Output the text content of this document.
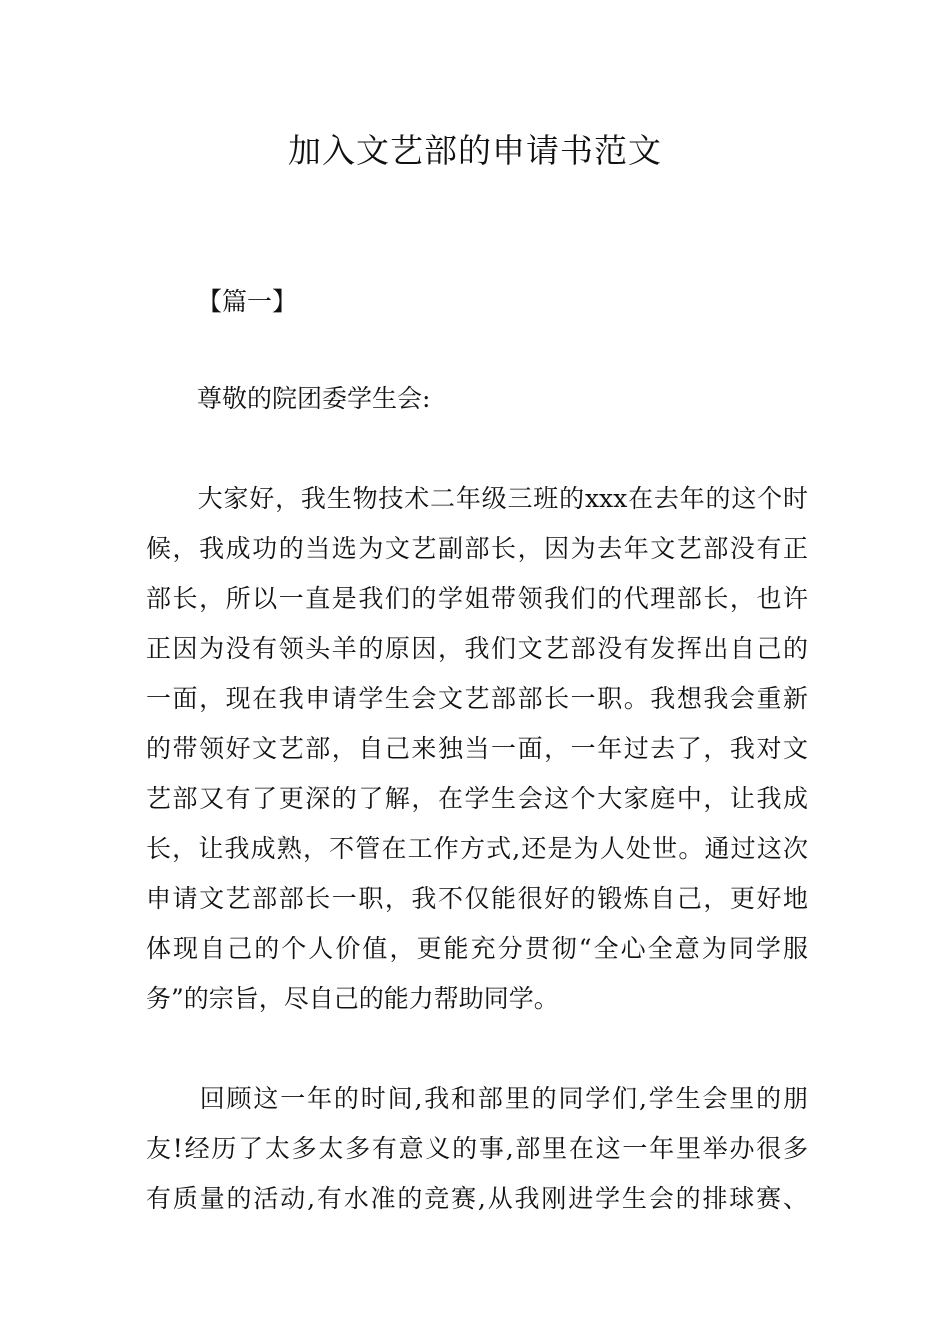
加入文艺部的申请书范文

【篇一】

尊敬的院团委学生会:

　　大家好，我生物技术二年级三班的xxx在去年的这个时
候，我成功的当选为文艺副部长，因为去年文艺部没有正
部长，所以一直是我们的学姐带领我们的代理部长，也许
正因为没有领头羊的原因，我们文艺部没有发挥出自己的
一面，现在我申请学生会文艺部部长一职。我想我会重新
的带领好文艺部，自己来独当一面，一年过去了，我对文
艺部又有了更深的了解，在学生会这个大家庭中，让我成
长，让我成熟，不管在工作方式,还是为人处世。通过这次
申请文艺部部长一职，我不仅能很好的锻炼自己，更好地
体现自己的个人价值，更能充分贯彻“全心全意为同学服
务”的宗旨，尽自己的能力帮助同学。

　　回顾这一年的时间,我和部里的同学们,学生会里的朋
友!经历了太多太多有意义的事,部里在这一年里举办很多
有质量的活动,有水准的竞赛,从我刚进学生会的排球赛、
